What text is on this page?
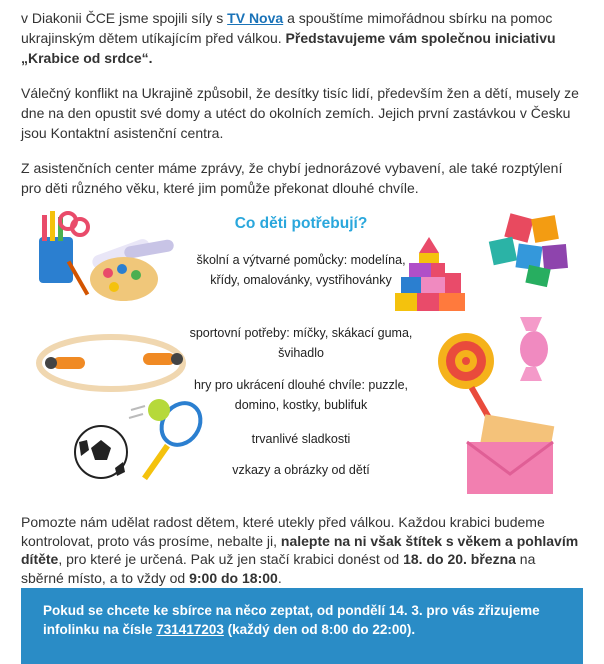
v Diakonii ČCE jsme spojili síly s TV Nova a spouštíme mimořádnou sbírku na pomoc ukrajinským dětem utíkajícím před válkou. Představujeme vám společnou iniciativu „Krabice od srdce“.

Válečný konflikt na Ukrajině způsobil, že desítky tisíc lidí, především žen a dětí, musely ze dne na den opustit své domy a utéct do okolních zemích. Jejich první zastávkou v Česku jsou Kontaktní asistenční centra.

Z asistenčních center máme zprávy, že chybí jednorázové vybavení, ale také rozptýlení pro děti různého věku, které jim pomůže překonat dlouhé chvíle.

Co děti potřebují?
školní a výtvarné pomůcky: modelína, křídy, omalovánky, vystřihovánky
sportovní potřeby: míčky, skákací guma, švihadlo
hry pro ukrácení dlouhé chvíle: puzzle, domino, kostky, bublifuk
trvanlivé sladkosti
vzkazy a obrázky od dětí
Pomozte nám udělat radost dětem, které utekly před válkou. Každou krabici budeme kontrolovat, proto vás prosíme, nebalte ji, nalepte na ni však štítek s věkem a pohlavím dítěte, pro které je určená. Pak už jen stačí krabici donést od 18. do 20. března na sběrné místo, a to vždy od 9:00 do 18:00.
Pokud se chcete ke sbírce na něco zeptat, od pondělí 14. 3. pro vás zřizujeme infolinku na čísle 731417203 (každý den od 8:00 do 22:00).
